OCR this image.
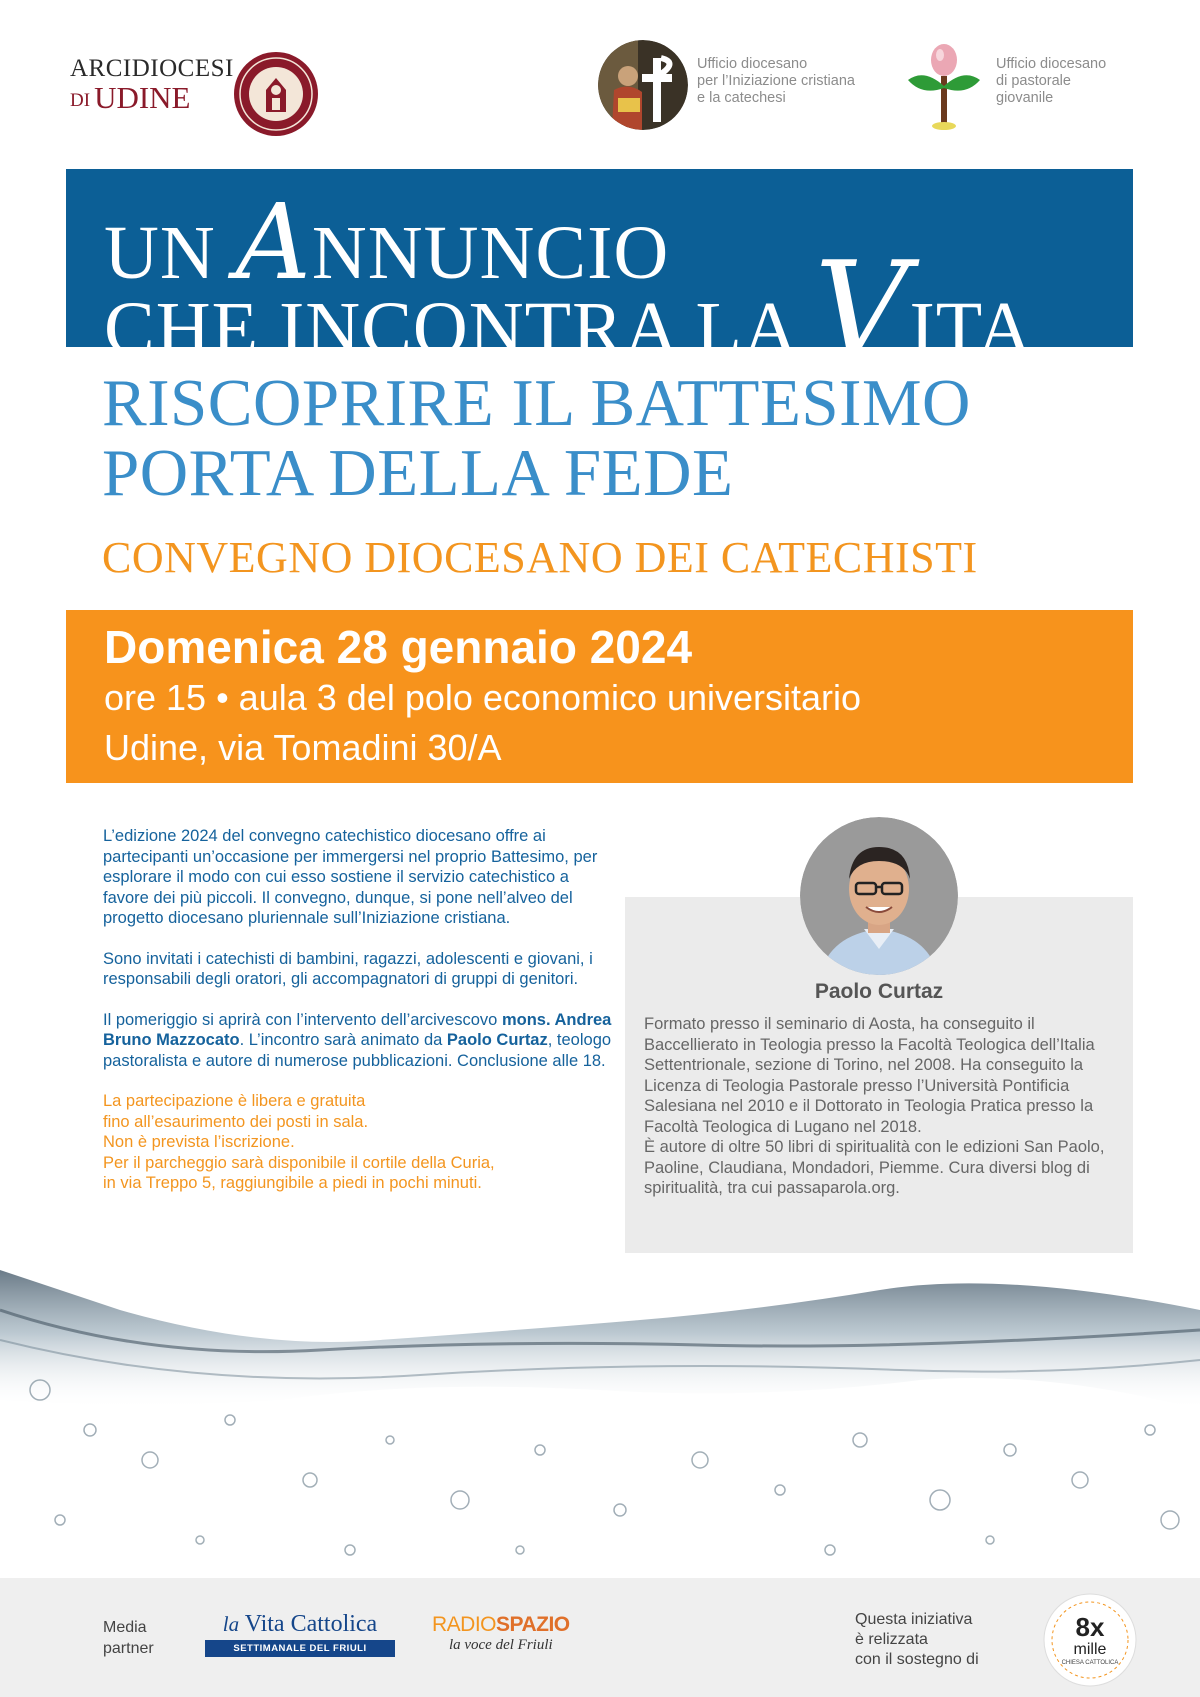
ARCIDIOCESI
DI UDINE
Ufficio diocesano
per l’Iniziazione cristiana
e la catechesi
Ufficio diocesano
di pastorale
giovanile
UN ANNUNCIO
CHE INCONTRA LA VITA
RISCOPRIRE IL BATTESIMO
PORTA DELLA FEDE
CONVEGNO DIOCESANO DEI CATECHISTI
Domenica 28 gennaio 2024
ore 15 • aula 3 del polo economico universitario
Udine, via Tomadini 30/A

L’edizione 2024 del convegno catechistico diocesano offre ai partecipanti un’occasione per immergersi nel proprio Battesimo, per esplorare il modo con cui esso sostiene il servizio catechistico a favore dei più piccoli. Il convegno, dunque, si pone nell’alveo del progetto diocesano pluriennale sull’Iniziazione cristiana.

Sono invitati i catechisti di bambini, ragazzi, adolescenti e giovani, i responsabili degli oratori, gli accompagnatori di gruppi di genitori.

Il pomeriggio si aprirà con l’intervento dell’arcivescovo mons. Andrea Bruno Mazzocato. L’incontro sarà animato da Paolo Curtaz, teologo pastoralista e autore di numerose pubblicazioni. Conclusione alle 18.

La partecipazione è libera e gratuita
fino all’esaurimento dei posti in sala.
Non è prevista l’iscrizione.
Per il parcheggio sarà disponibile il cortile della Curia,
in via Treppo 5, raggiungibile a piedi in pochi minuti.

Paolo Curtaz
Formato presso il seminario di Aosta, ha conseguito il Baccellierato in Teologia presso la Facoltà Teologica dell’Italia Settentrionale, sezione di Torino, nel 2008. Ha conseguito la Licenza di Teologia Pastorale presso l’Università Pontificia Salesiana nel 2010 e il Dottorato in Teologia Pratica presso la Facoltà Teologica di Lugano nel 2018.
È autore di oltre 50 libri di spiritualità con le edizioni San Paolo, Paoline, Claudiana, Mondadori, Piemme. Cura diversi blog di spiritualità, tra cui passaparola.org.
Media
partner
la Vita Cattolica
SETTIMANALE DEL FRIULI
RADIOSPAZIO
la voce del Friuli
Questa iniziativa
è relizzata
con il sostegno di
8x
mille
CHIESA CATTOLICA
